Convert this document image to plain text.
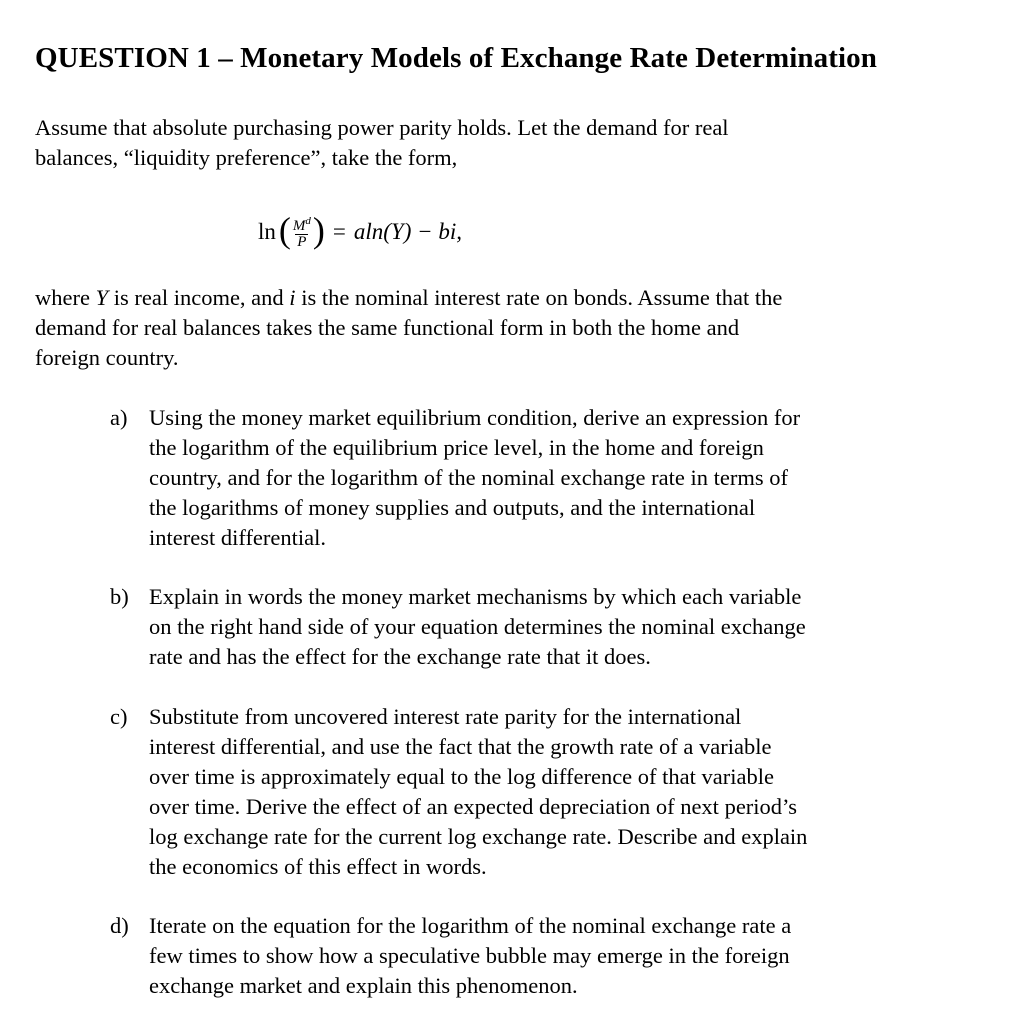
QUESTION 1 – Monetary Models of Exchange Rate Determination
Assume that absolute purchasing power parity holds. Let the demand for real
balances, “liquidity preference”, take the form,
ln ( $\frac{M^d}{P}$ ) = aln(Y) − bi,
where Y is real income, and i is the nominal interest rate on bonds. Assume that the
demand for real balances takes the same functional form in both the home and
foreign country.
a) Using the money market equilibrium condition, derive an expression for
the logarithm of the equilibrium price level, in the home and foreign
country, and for the logarithm of the nominal exchange rate in terms of
the logarithms of money supplies and outputs, and the international
interest differential.
b) Explain in words the money market mechanisms by which each variable
on the right hand side of your equation determines the nominal exchange
rate and has the effect for the exchange rate that it does.
c) Substitute from uncovered interest rate parity for the international
interest differential, and use the fact that the growth rate of a variable
over time is approximately equal to the log difference of that variable
over time. Derive the effect of an expected depreciation of next period’s
log exchange rate for the current log exchange rate. Describe and explain
the economics of this effect in words.
d) Iterate on the equation for the logarithm of the nominal exchange rate a
few times to show how a speculative bubble may emerge in the foreign
exchange market and explain this phenomenon.
